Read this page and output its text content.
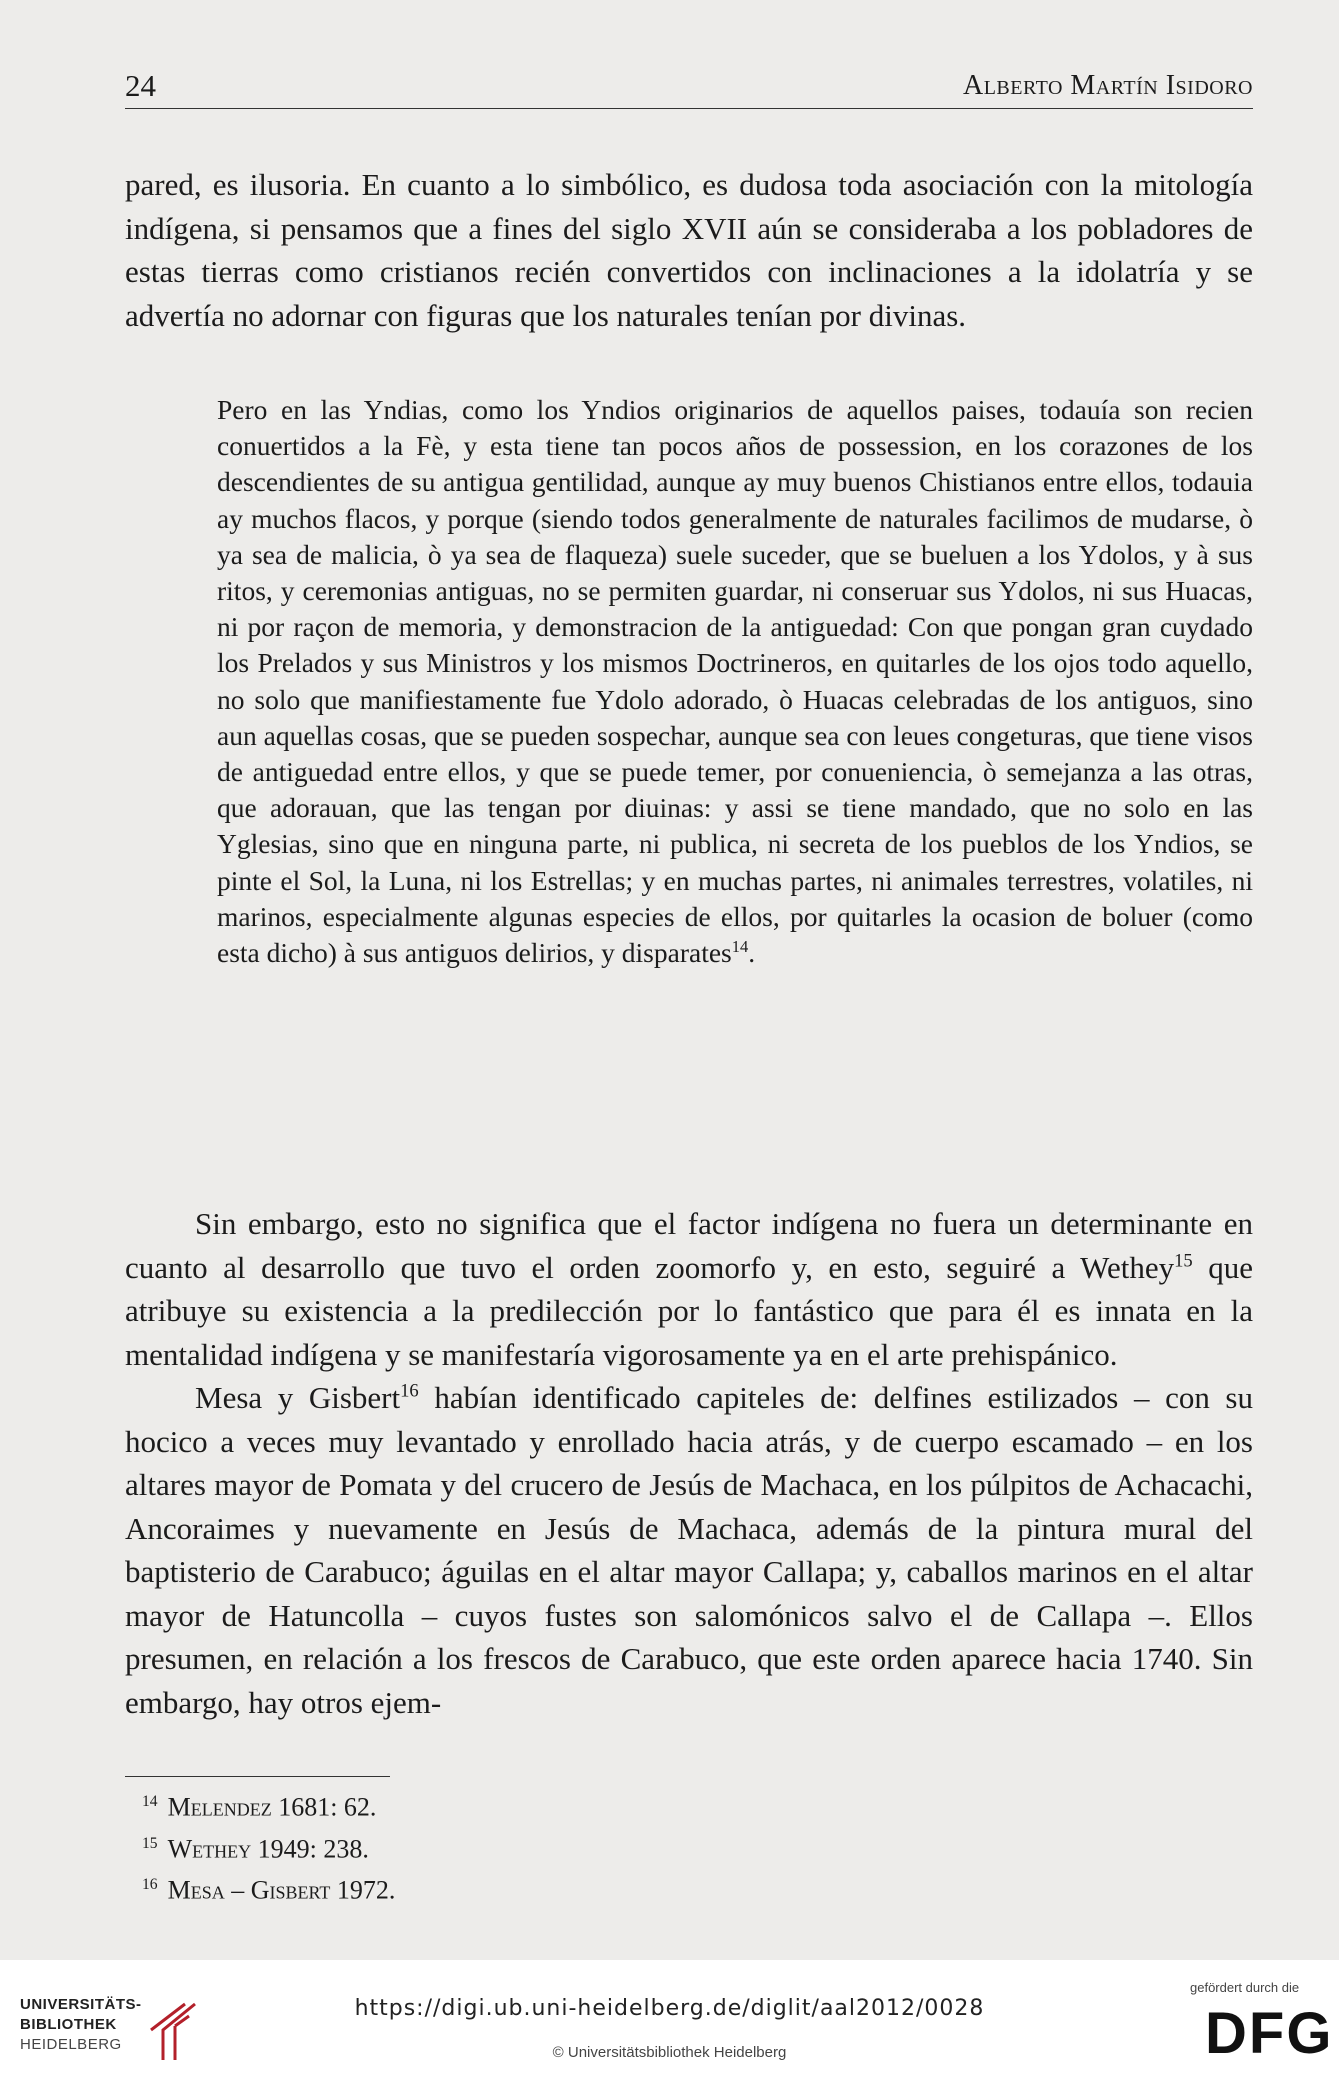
24	Alberto Martín Isidoro

pared, es ilusoria. En cuanto a lo simbólico, es dudosa toda asociación con la mitología indígena, si pensamos que a fines del siglo XVII aún se consideraba a los pobladores de estas tierras como cristianos recién convertidos con inclinaciones a la idolatría y se advertía no adornar con figuras que los naturales tenían por divinas.

Pero en las Yndias, como los Yndios originarios de aquellos paises, todauía son recien conuertidos a la Fè, y esta tiene tan pocos años de possession, en los corazones de los descendientes de su antigua gentilidad, aunque ay muy buenos Chistianos entre ellos, todauia ay muchos flacos, y porque (siendo todos generalmente de naturales facilimos de mudarse, ò ya sea de malicia, ò ya sea de flaqueza) suele suceder, que se bueluen a los Ydolos, y à sus ritos, y ceremonias antiguas, no se permiten guardar, ni conseruar sus Ydolos, ni sus Huacas, ni por raçon de memoria, y demonstracion de la antiguedad: Con que pongan gran cuydado los Prelados y sus Ministros y los mismos Doctrineros, en quitarles de los ojos todo aquello, no solo que manifiestamente fue Ydolo adorado, ò Huacas celebradas de los antiguos, sino aun aquellas cosas, que se pueden sospechar, aunque sea con leues congeturas, que tiene visos de antiguedad entre ellos, y que se puede temer, por conueniencia, ò semejanza a las otras, que adorauan, que las tengan por diuinas: y assi se tiene mandado, que no solo en las Yglesias, sino que en ninguna parte, ni publica, ni secreta de los pueblos de los Yndios, se pinte el Sol, la Luna, ni los Estrellas; y en muchas partes, ni animales terrestres, volatiles, ni marinos, especialmente algunas especies de ellos, por quitarles la ocasion de boluer (como esta dicho) à sus antiguos delirios, y disparates$^{14}$.

Sin embargo, esto no significa que el factor indígena no fuera un determinante en cuanto al desarrollo que tuvo el orden zoomorfo y, en esto, seguiré a Wethey$^{15}$ que atribuye su existencia a la predilección por lo fantástico que para él es innata en la mentalidad indígena y se manifestaría vigorosamente ya en el arte prehispánico.

Mesa y Gisbert$^{16}$ habían identificado capiteles de: delfines estilizados – con su hocico a veces muy levantado y enrollado hacia atrás, y de cuerpo escamado – en los altares mayor de Pomata y del crucero de Jesús de Machaca, en los púlpitos de Achacachi, Ancoraimes y nuevamente en Jesús de Machaca, además de la pintura mural del baptisterio de Carabuco; águilas en el altar mayor Callapa; y, caballos marinos en el altar mayor de Hatuncolla – cuyos fustes son salomónicos salvo el de Callapa –. Ellos presumen, en relación a los frescos de Carabuco, que este orden aparece hacia 1740. Sin embargo, hay otros ejem-

$^{14}$ Melendez 1681: 62.

$^{15}$ Wethey 1949: 238.

$^{16}$ Mesa – Gisbert 1972.

UNIVERSITÄTS-
BIBLIOTHEK
HEIDELBERG
https://digi.ub.uni-heidelberg.de/diglit/aal2012/0028
© Universitätsbibliothek Heidelberg
gefördert durch die
DFG
